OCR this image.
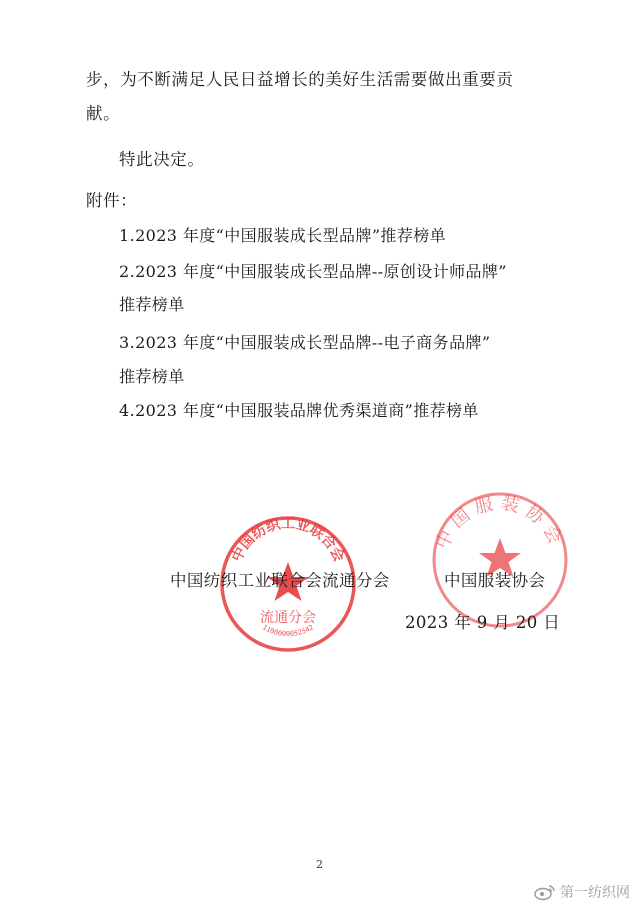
步，为不断满足人民日益增长的美好生活需要做出重要贡
献。
特此决定。
附件：
1.2023 年度“中国服装成长型品牌”推荐榜单
2.2023 年度“中国服装成长型品牌--原创设计师品牌”
推荐榜单
3.2023 年度“中国服装成长型品牌--电子商务品牌”
推荐榜单
4.2023 年度“中国服装品牌优秀渠道商”推荐榜单
中国纺织工业联合会
流通分会
1100000052542
中国服装协会
中国纺织工业联合会流通分会	中国服装协会
2023 年 9 月 20 日
2
第一纺织网
